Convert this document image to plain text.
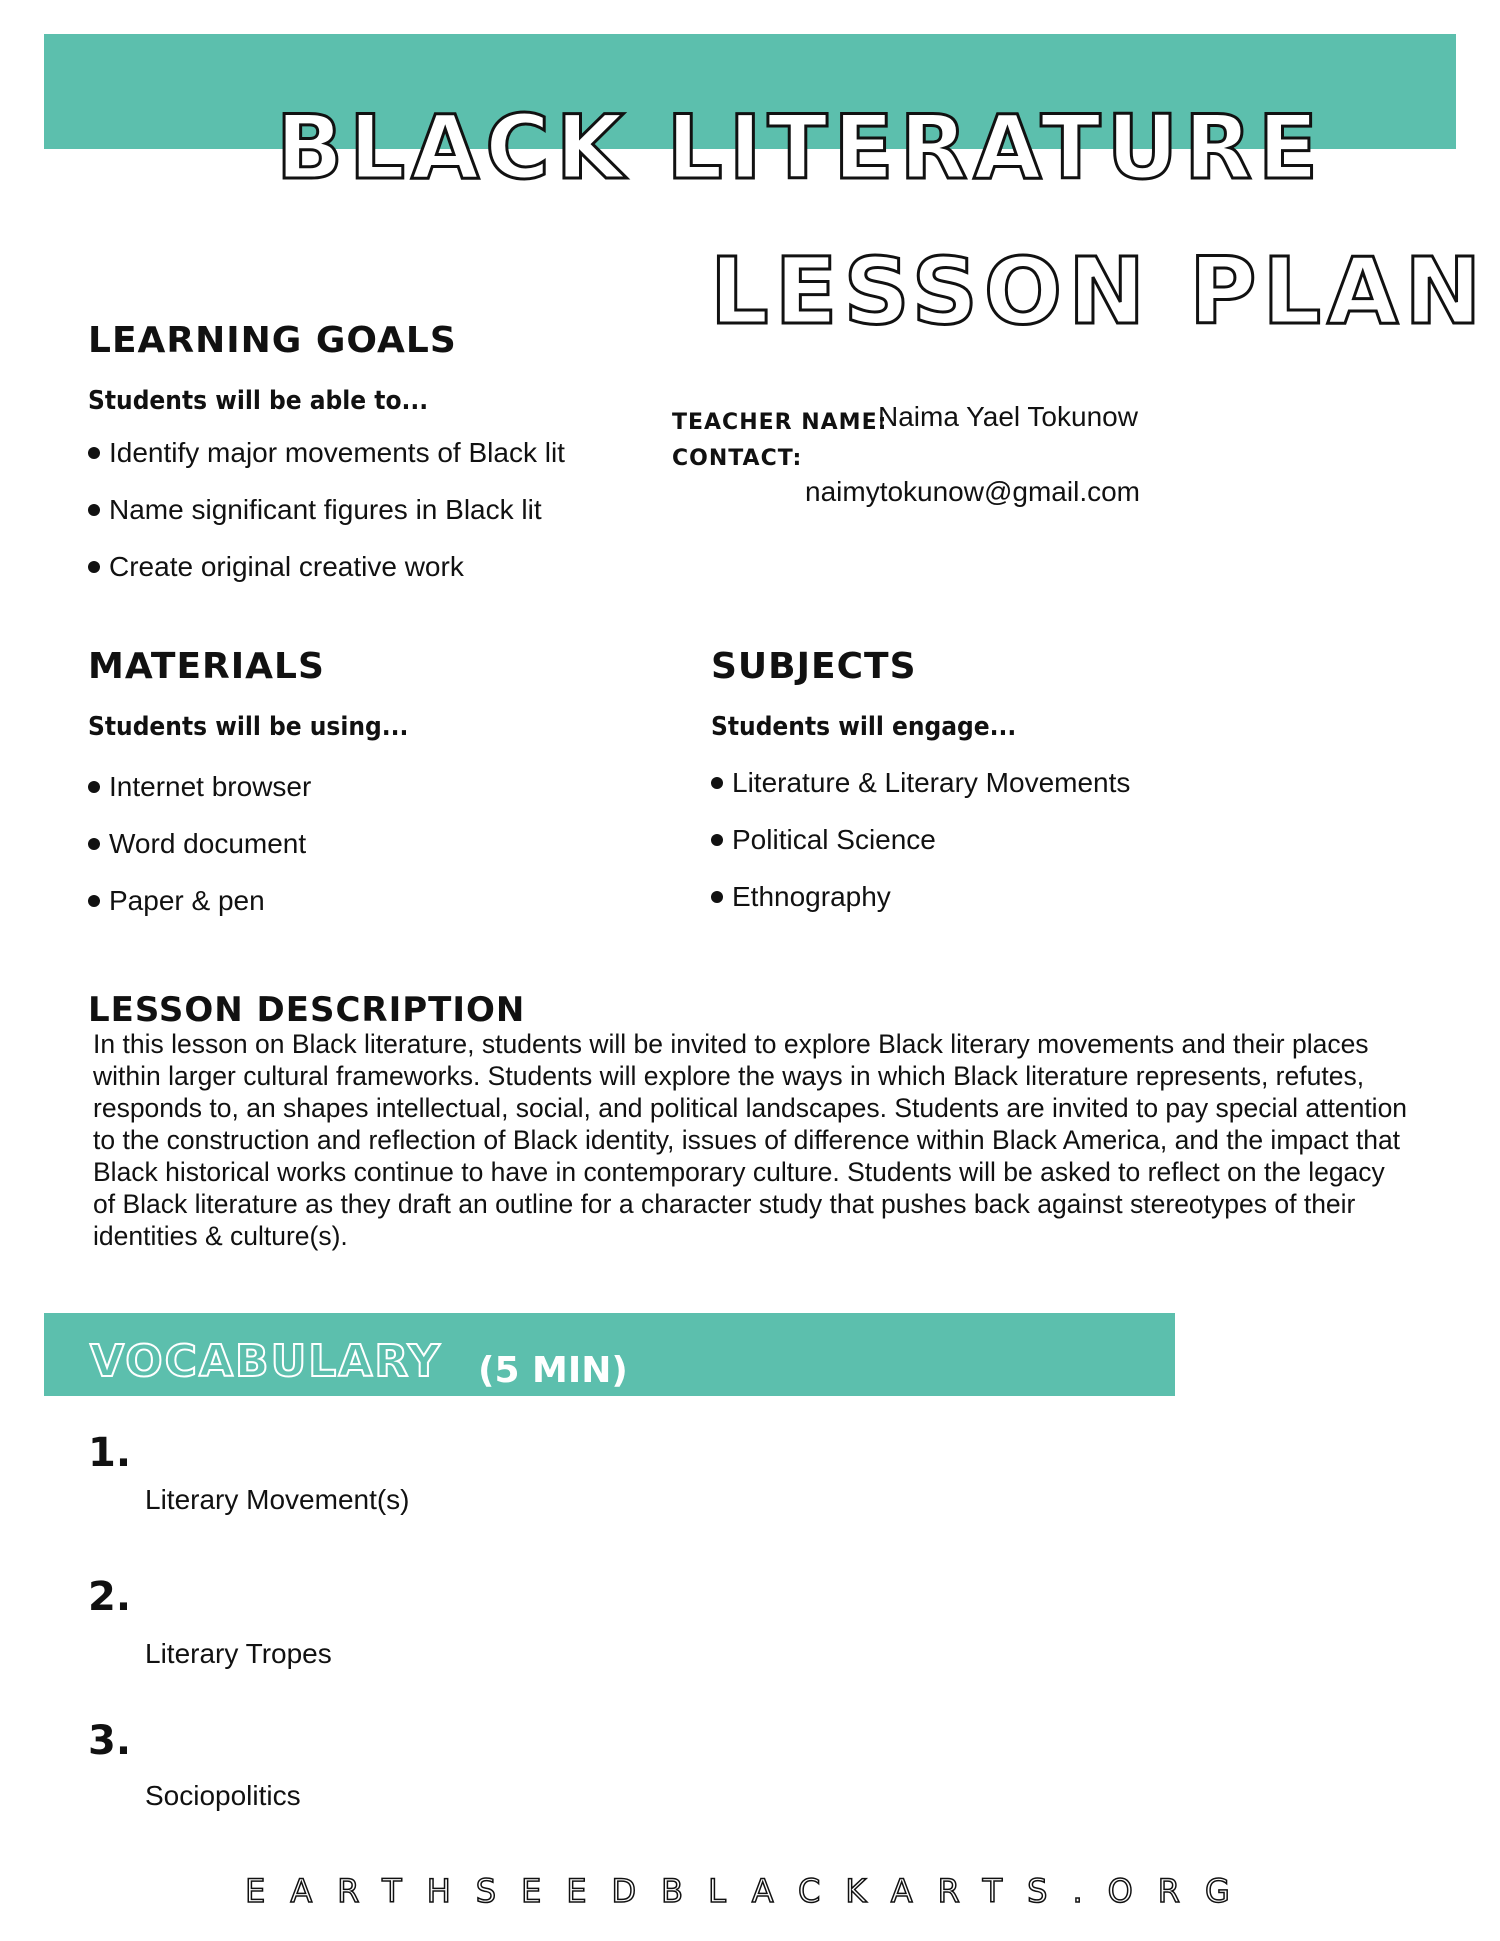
BLACK LITERATURE
LESSON PLAN
LEARNING GOALS

Students will be able to...

Identify major movements of Black lit
Name significant figures in Black lit
Create original creative work

TEACHER NAME:

Naima Yael Tokunow

CONTACT:

naimytokunow@gmail.com

MATERIALS

Students will be using...

Internet browser
Word document
Paper & pen
SUBJECTS

Students will engage...

Literature & Literary Movements
Political Science
Ethnography
LESSON DESCRIPTION

In this lesson on Black literature, students will be invited to explore Black literary movements and their places within larger cultural frameworks. Students will explore the ways in which Black literature represents, refutes, responds to, an shapes intellectual, social, and political landscapes. Students are invited to pay special attention to the construction and reflection of Black identity, issues of difference within Black America, and the impact that Black historical works continue to have in contemporary culture. Students will be asked to reflect on the legacy of Black literature as they draft an outline for a character study that pushes back against stereotypes of their identities & culture(s).

VOCABULARY (5 MIN)

1.

Literary Movement(s)

2.

Literary Tropes

3.

Sociopolitics

EARTHSEEDBLACKARTS.ORG
